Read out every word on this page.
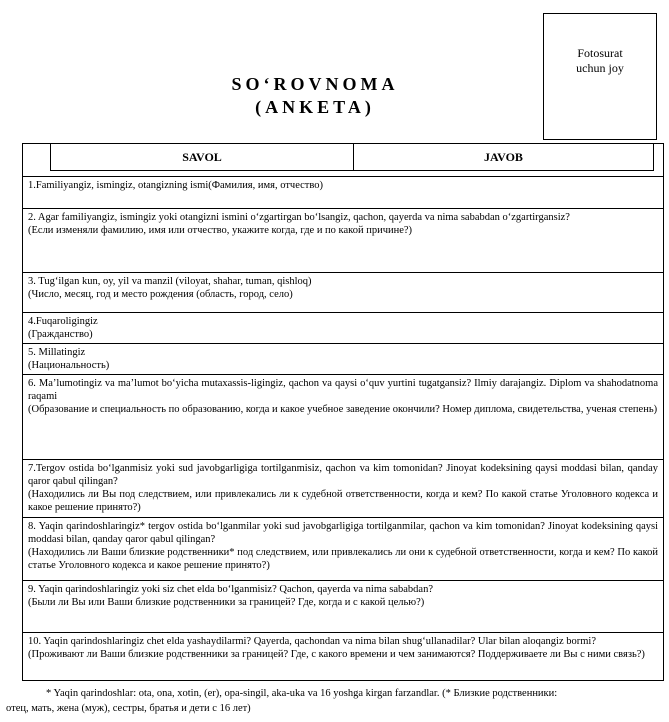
Fotosurat
uchun joy
SO‘ROVNOMA
(ANKETA)
SAVOL	JAVOB

1.Familiyangiz, ismingiz, otangizning ismi(Фамилия, имя, отчество)

2. Agar familiyangiz, ismingiz yoki otangizni ismini o‘zgartirgan bo‘lsangiz, qachon, qayerda va nima sababdan o‘zgartirgansiz?

(Если изменяли фамилию, имя или отчество, укажите когда, где и по какой причине?)

3. Tug‘ilgan kun, oy, yil va manzil (viloyat, shahar, tuman, qishloq)

(Число, месяц, год и место рождения (область, город, село)

4.Fuqaroligingiz

(Гражданство)

5. Millatingiz

(Национальность)

6. Ma’lumotingiz va ma’lumot bo‘yicha mutaxassis-ligingiz, qachon va qaysi o‘quv yurtini tugatgansiz? Ilmiy darajangiz. Diplom va shahodatnoma raqami

(Образование и специальность по образованию, когда и какое учебное заведение окончили? Номер диплома, свидетельства, ученая степень)

7.Tergov ostida bo‘lganmisiz yoki sud javobgarligiga tortilganmisiz, qachon va kim tomonidan? Jinoyat kodeksining qaysi moddasi bilan, qanday qaror qabul qilingan?

(Находились ли Вы под следствием, или привлекались ли к судебной ответственности, когда и кем? По какой статье Уголовного кодекса и какое решение принято?)

8. Yaqin qarindoshlaringiz* tergov ostida bo‘lganmilar yoki sud javobgarligiga tortilganmilar, qachon va kim tomonidan? Jinoyat kodeksining qaysi moddasi bilan, qanday qaror qabul qilingan?

(Находились ли Ваши близкие родственники* под следствием, или привлекались ли они к судебной ответственности, когда и кем? По какой статье Уголовного кодекса и какое решение принято?)

9. Yaqin qarindoshlaringiz yoki siz chet elda bo‘lganmisiz? Qachon, qayerda va nima sababdan?

(Были ли Вы или Ваши близкие родственники за границей? Где, когда и с какой целью?)

10. Yaqin qarindoshlaringiz chet elda yashaydilarmi? Qayerda, qachondan va nima bilan shug‘ullanadilar? Ular bilan aloqangiz bormi?

(Проживают ли Ваши близкие родственники за границей? Где, с какого времени и чем занимаются? Поддерживаете ли Вы с ними связь?)

* Yaqin qarindoshlar: ota, ona, xotin, (er), opa-singil, aka-uka va 16 yoshga kirgan farzandlar. (* Близкие родственники:
отец, мать, жена (муж), сестры, братья и дети с 16 лет)
